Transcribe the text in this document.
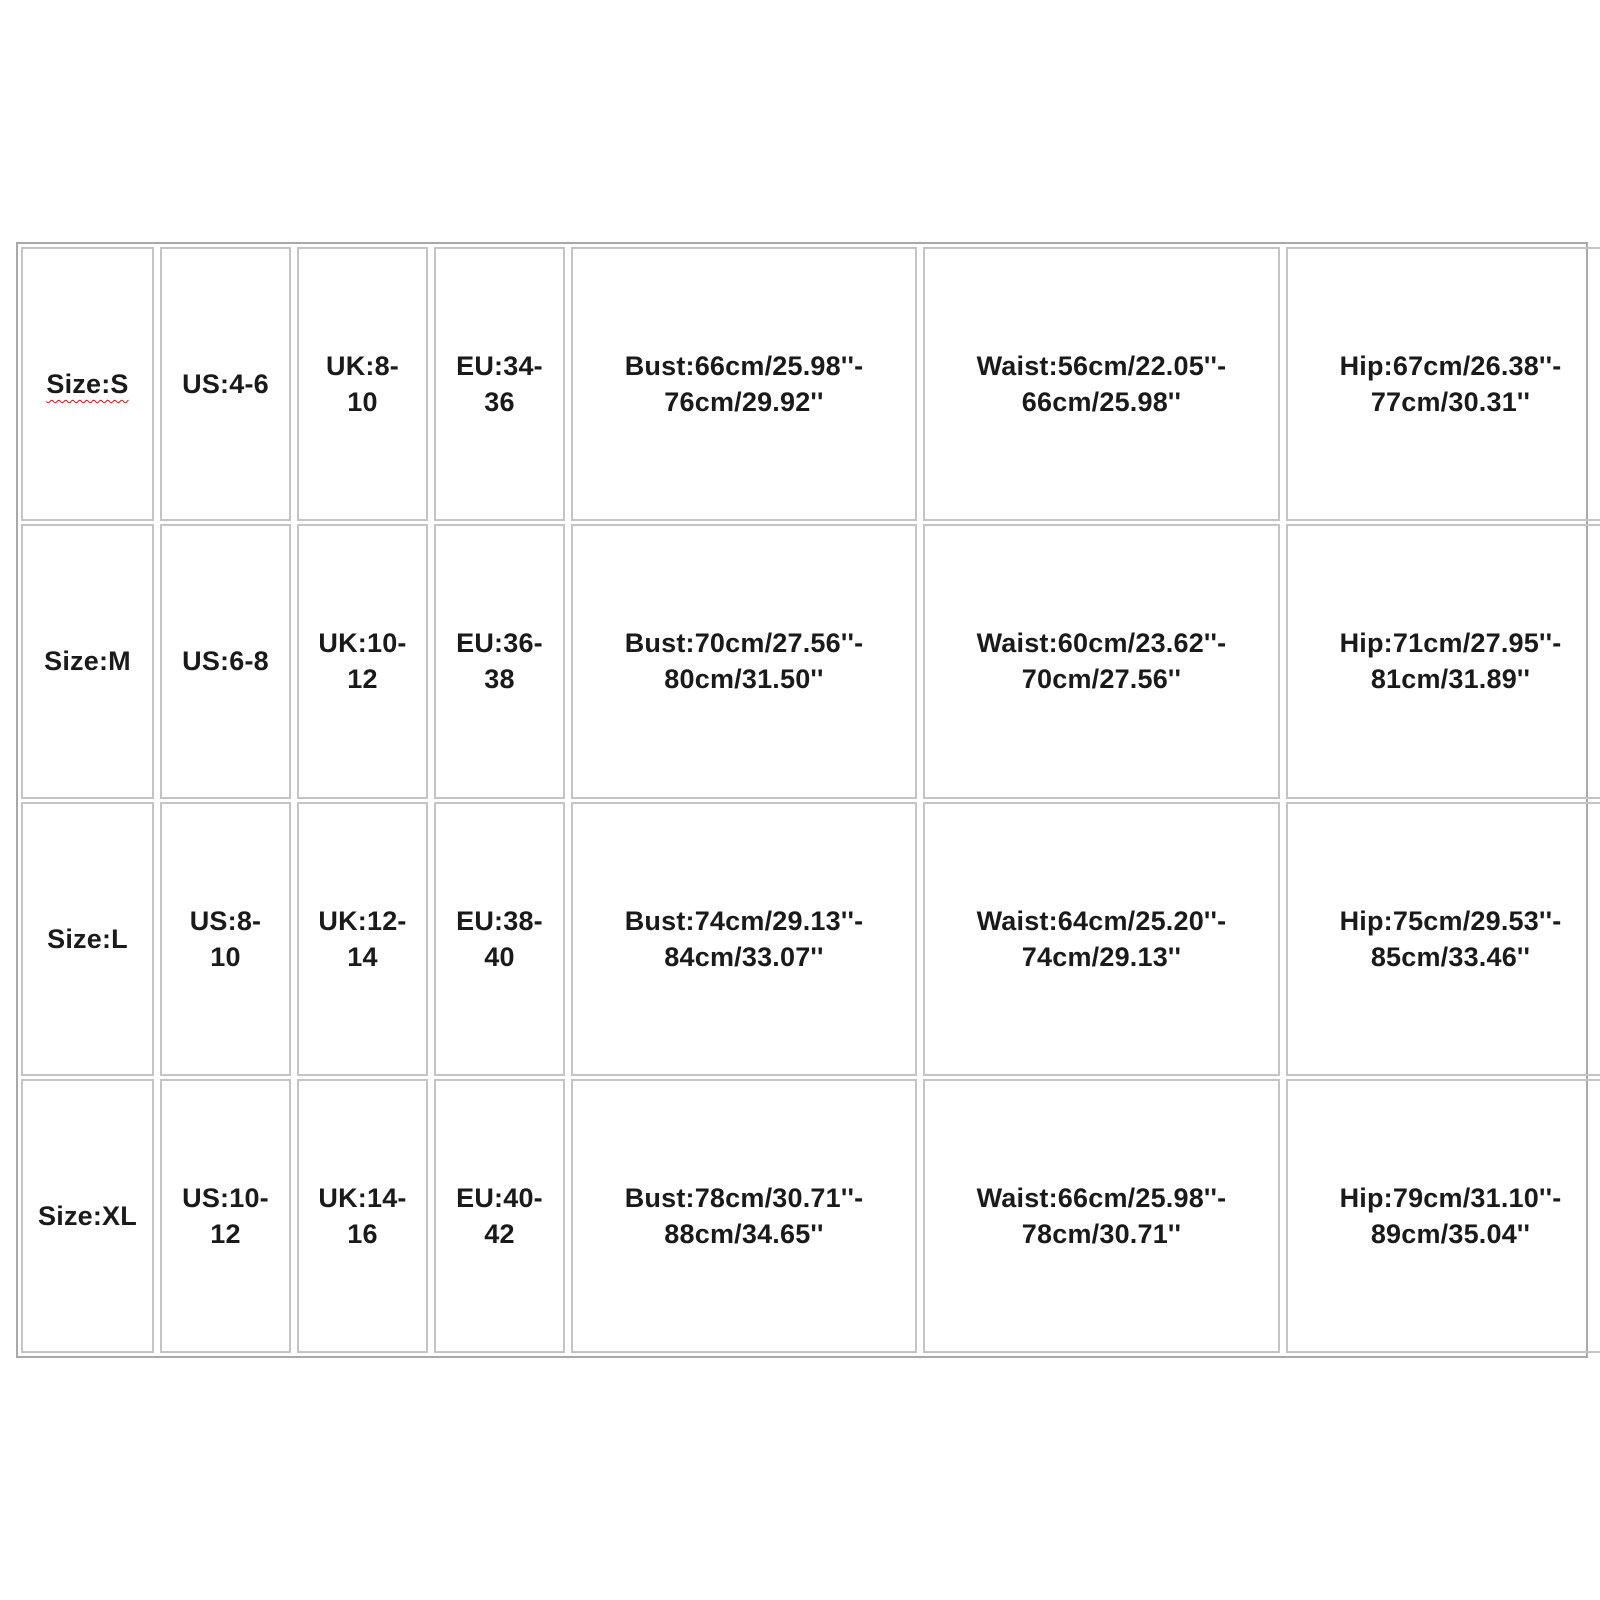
Size:S US:4-6
UK:8-
10
EU:34-
36
Bust:66cm/25.98''-
76cm/29.92''
Waist:56cm/22.05''-
66cm/25.98''
Hip:67cm/26.38''-
77cm/30.31''
Size:M US:6-8
UK:10-
12
EU:36-
38
Bust:70cm/27.56''-
80cm/31.50''
Waist:60cm/23.62''-
70cm/27.56''
Hip:71cm/27.95''-
81cm/31.89''
Size:L
US:8-
10
UK:12-
14
EU:38-
40
Bust:74cm/29.13''-
84cm/33.07''
Waist:64cm/25.20''-
74cm/29.13''
Hip:75cm/29.53''-
85cm/33.46''
Size:XL
US:10-
12
UK:14-
16
EU:40-
42
Bust:78cm/30.71''-
88cm/34.65''
Waist:66cm/25.98''-
78cm/30.71''
Hip:79cm/31.10''-
89cm/35.04''
